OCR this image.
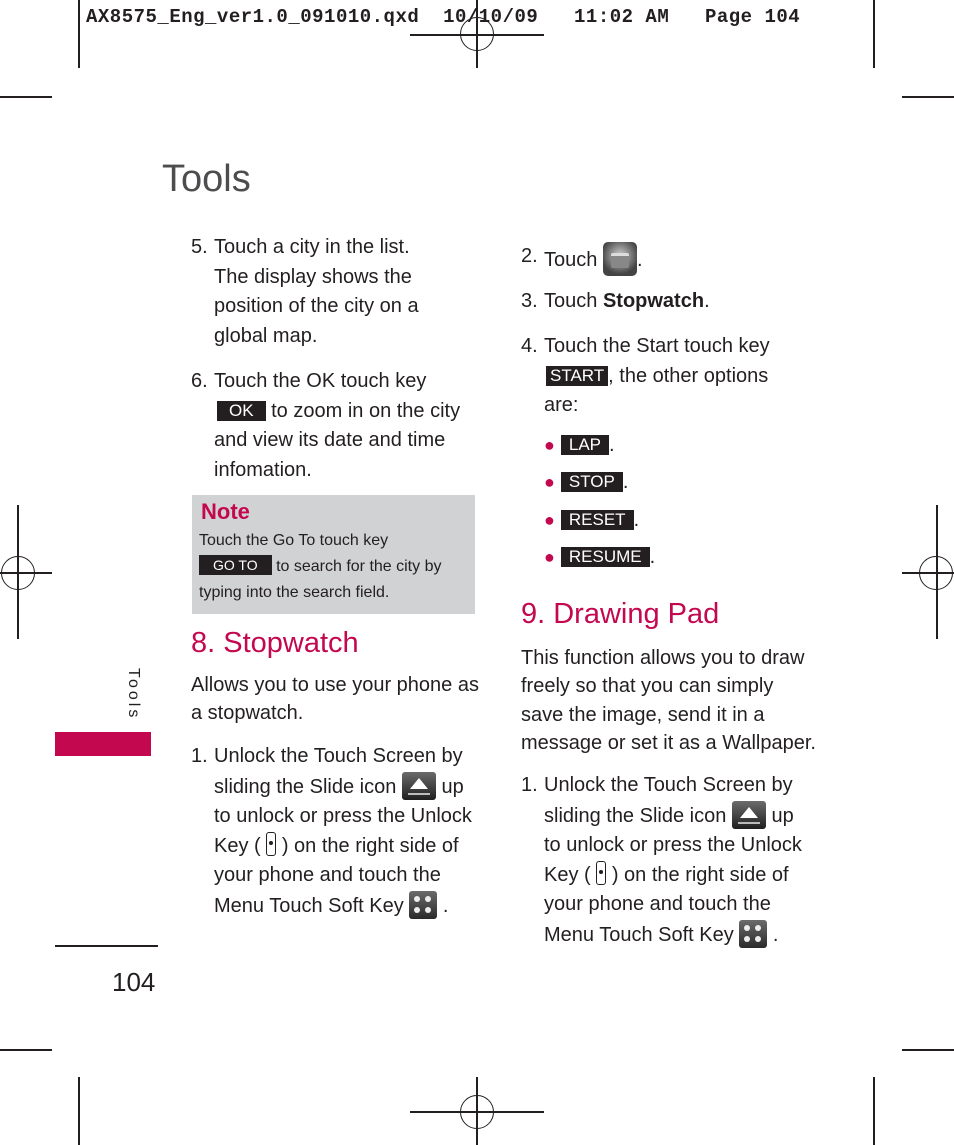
AX8575_Eng_ver1.0_091010.qxd 10/10/09 11:02 AM Page 104
Tools
Tools
104
5. Touch a city in the list.
The display shows the
position of the city on a
global map.
6. Touch the OK touch key
OK to zoom in on the city
and view its date and time
infomation.
Note
Touch the Go To touch key
GO TO to search for the city by
typing into the search field.
8. Stopwatch
Allows you to use your phone as
a stopwatch.
1. Unlock the Touch Screen by
sliding the Slide icon up
to unlock or press the Unlock
Key ( ) on the right side of
your phone and touch the
Menu Touch Soft Key .
2. Touch .
3. Touch Stopwatch.
4. Touch the Start touch key
START , the other options
are:
● LAP .
● STOP .
● RESET .
● RESUME .
9. Drawing Pad
This function allows you to draw
freely so that you can simply
save the image, send it in a
message or set it as a Wallpaper.
1. Unlock the Touch Screen by
sliding the Slide icon up
to unlock or press the Unlock
Key ( ) on the right side of
your phone and touch the
Menu Touch Soft Key .
